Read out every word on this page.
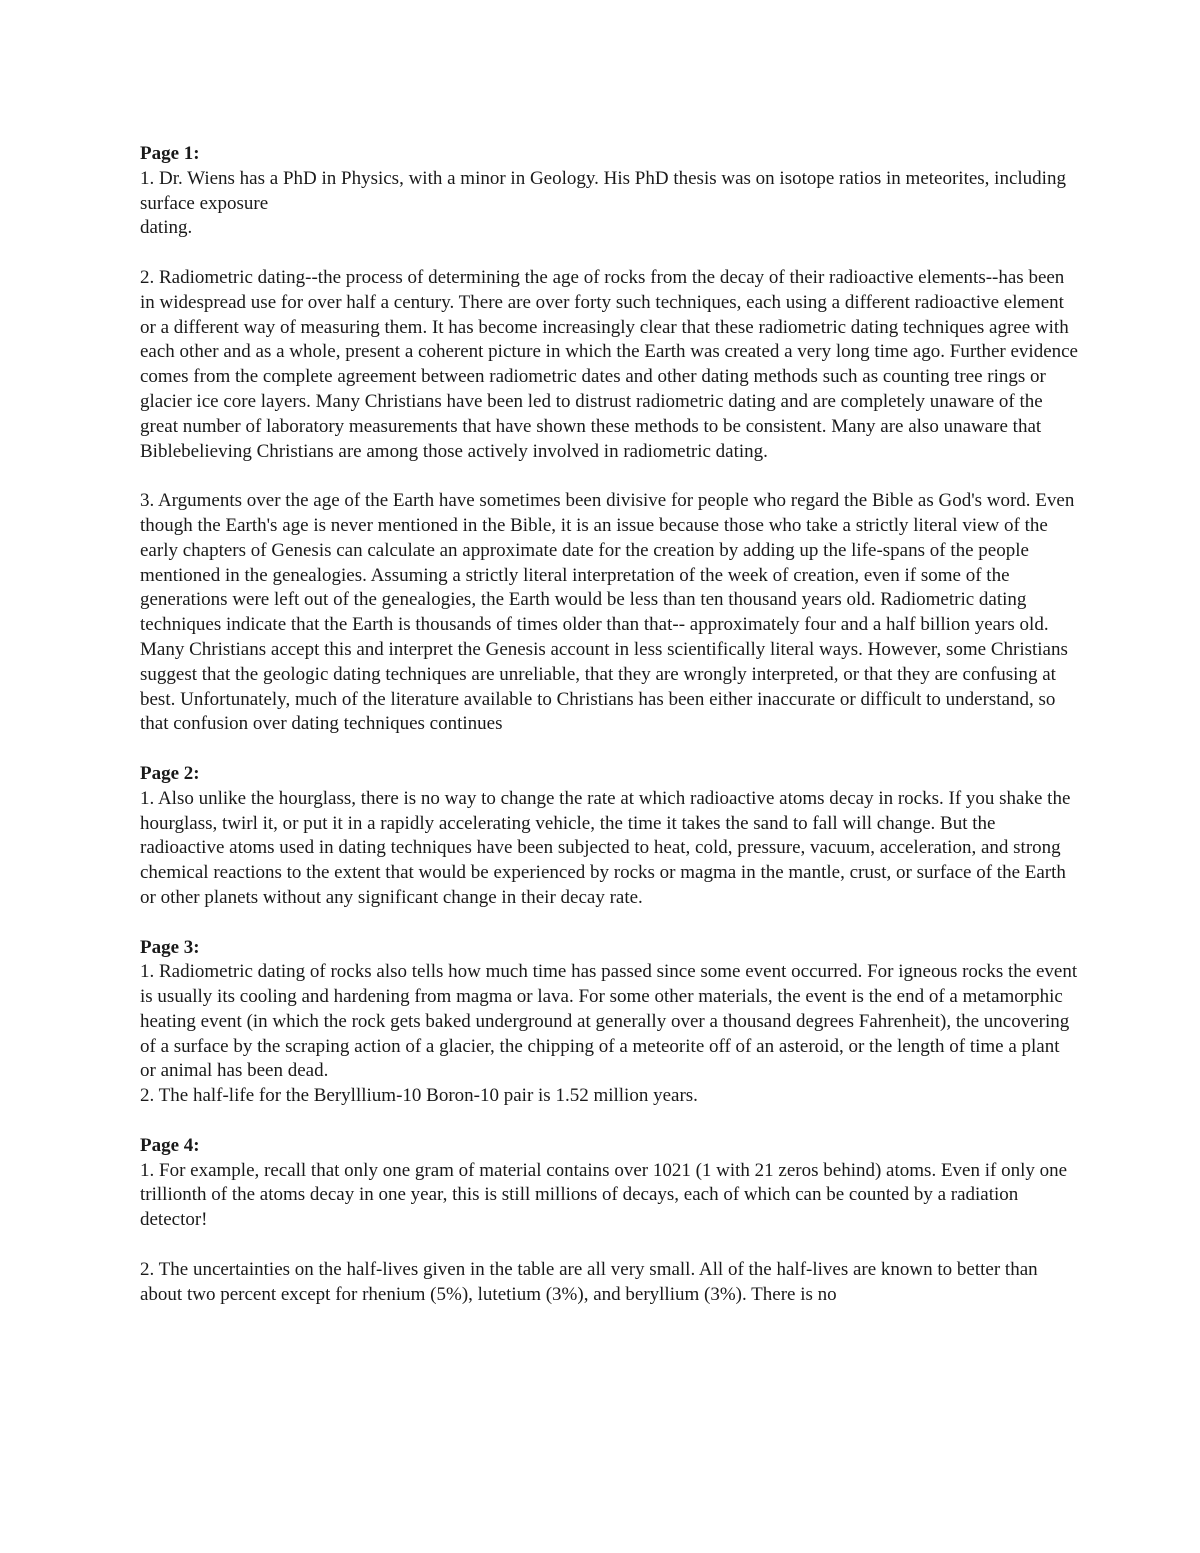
Page 1:

1. Dr. Wiens has a PhD in Physics, with a minor in Geology. His PhD thesis was on isotope ratios in meteorites, including surface exposure

dating.

2. Radiometric dating--the process of determining the age of rocks from the decay of their radioactive elements--has been in widespread use for over half a century. There are over forty such techniques, each using a different radioactive element or a different way of measuring them. It has become increasingly clear that these radiometric dating techniques agree with each other and as a whole, present a coherent picture in which the Earth was created a very long time ago. Further evidence comes from the complete agreement between radiometric dates and other dating methods such as counting tree rings or glacier ice core layers. Many Christians have been led to distrust radiometric dating and are completely unaware of the great number of laboratory measurements that have shown these methods to be consistent. Many are also unaware that Biblebelieving Christians are among those actively involved in radiometric dating.

3. Arguments over the age of the Earth have sometimes been divisive for people who regard the Bible as God's word. Even though the Earth's age is never mentioned in the Bible, it is an issue because those who take a strictly literal view of the early chapters of Genesis can calculate an approximate date for the creation by adding up the life-spans of the people mentioned in the genealogies. Assuming a strictly literal interpretation of the week of creation, even if some of the generations were left out of the genealogies, the Earth would be less than ten thousand years old. Radiometric dating techniques indicate that the Earth is thousands of times older than that-- approximately four and a half billion years old. Many Christians accept this and interpret the Genesis account in less scientifically literal ways. However, some Christians suggest that the geologic dating techniques are unreliable, that they are wrongly interpreted, or that they are confusing at best. Unfortunately, much of the literature available to Christians has been either inaccurate or difficult to understand, so that confusion over dating techniques continues

Page 2:

1. Also unlike the hourglass, there is no way to change the rate at which radioactive atoms decay in rocks. If you shake the hourglass, twirl it, or put it in a rapidly accelerating vehicle, the time it takes the sand to fall will change. But the radioactive atoms used in dating techniques have been subjected to heat, cold, pressure, vacuum, acceleration, and strong chemical reactions to the extent that would be experienced by rocks or magma in the mantle, crust, or surface of the Earth or other planets without any significant change in their decay rate.

Page 3:

1. Radiometric dating of rocks also tells how much time has passed since some event occurred. For igneous rocks the event is usually its cooling and hardening from magma or lava. For some other materials, the event is the end of a metamorphic heating event (in which the rock gets baked underground at generally over a thousand degrees Fahrenheit), the uncovering of a surface by the scraping action of a glacier, the chipping of a meteorite off of an asteroid, or the length of time a plant or animal has been dead.

2. The half-life for the Berylllium-10 Boron-10 pair is 1.52 million years.

Page 4:

1. For example, recall that only one gram of material contains over 1021 (1 with 21 zeros behind) atoms. Even if only one trillionth of the atoms decay in one year, this is still millions of decays, each of which can be counted by a radiation detector!

2. The uncertainties on the half-lives given in the table are all very small. All of the half-lives are known to better than about two percent except for rhenium (5%), lutetium (3%), and beryllium (3%). There is no
